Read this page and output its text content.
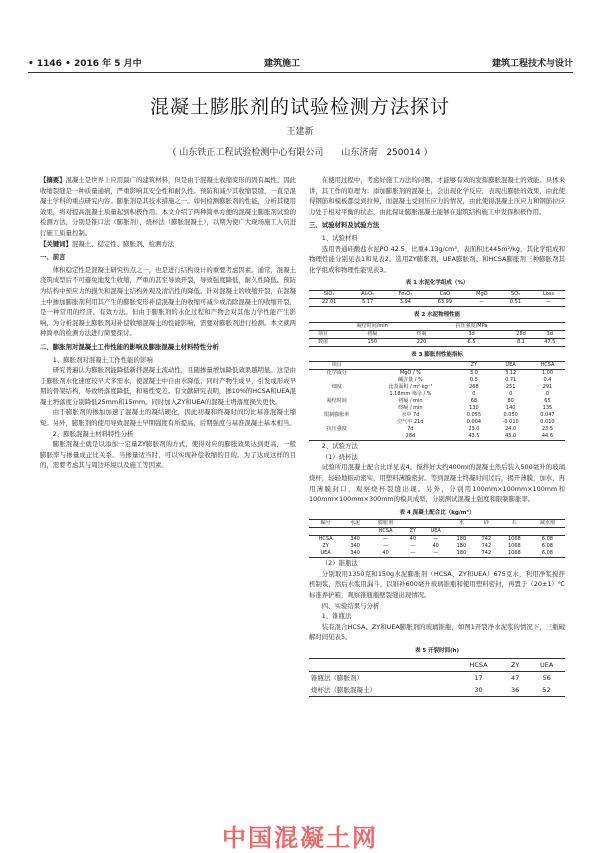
• 1146 • 2016 年 5 月中	建筑施工	建筑工程技术与设计
混凝土膨胀剂的试验检测方法探讨
王建新
（ 山东铁正工程试验检测中心有限公司　　山东济南　250014 ）

【摘要】混凝土是世界上应用最广的建筑材料，但是由于混凝土收缩变形的固有属性，因此收缩裂缝是一种质量通病，严重影响其安全性和耐久性。预防和减少其收缩裂缝，一直是混凝土学科的重点研究内容。膨胀剂是其技术措施之一。如何检测膨胀剂的性能，分析其使用效果，将对提高混凝土质量起到积极作用。本文介绍了两种简单方便的混凝土膨胀剂试验的检测方法，分别是锥口法（膨胀剂）、烧杯法（膨胀混凝土），以期为使广大现场施工人员进行施工质量控制。

【关键词】混凝土、稳定性、膨胀剂、检测方法

一、前言

体积稳定性是混凝土研究热点之一，也是进行结构设计的重要考虑因素。通常，混凝土浇筑成型后不可避免地发生收缩，严重的甚至导致开裂，导致强度降低，耐久性降低。预防为结构中预应力的损失和混凝土结构外观及清洁性的降低。针对混凝土的收缩开裂，在混凝土中掺加膨胀剂利用其产生的膨胀变形补偿混凝土的收缩可减少或消除混凝土的收缩开裂，是一种常用的经济、有效方法。但由于膨胀剂的水化过程和产物会对其他力学性能产生影响，为分析混凝土膨胀剂对补偿收缩混凝土的性能影响，需要对膨胀剂进行检测。本文就两种简单的检测方法进行简要探讨。

二、膨胀剂对混凝土工作性能的影响及膨胀混凝土材料特性分析

1、膨胀剂对混凝土工作性能的影响

研究普遍认为膨胀剂能降低新拌混凝土流动性，且随掺量增加降低效果越明显。这是由于膨胀剂水化速度较早大多需水，使混凝土中自由水降低；同时产物生成早，引发或形成早期的骨架结构，导致坍落度降低，和易性变差。有文献研究表明，掺10%的HCSA和UEA混凝土坍落度分别降低25mm和15mm。同时加入ZY和UEA的混凝土坍落度损失更快。

由于膨胀剂的掺加加速了混凝土的凝结硬化，因此初凝和终凝时间均比基准混凝土缩短。另外，膨胀剂的使用导致混凝土早期强度有所提高，后期强度与基准混凝土基本相当。

2、膨胀混凝土材料特性分析

膨胀混凝土就是以添加一定量ZY膨胀剂的方式，使得对应的膨胀效果达到更高，一般膨胀率与掺量成正比关系。当掺量适当时，可以实现补偿收缩的目的。为了达成这样的目的，需要考虑其与周边环境以及施工等因素。

在使用过程中，考虑好施工方法的问题，才能够有效的发挥膨胀混凝土的效能。具体来讲，其工作的原理为：添加膨胀剂的混凝土，会出现化学反应，表现出膨胀的效果，由此使得钢筋和模板都受到拉伸，而混凝土受到压应力的情况，由此使得混凝土压应力和钢筋拉应力处于相对平衡的状态，由此保证膨胀混凝土能够在建筑结构施工中发挥积极作用。

三、试验材料及试验方法

1、试验材料

选用普通硅酸盐水泥PO 42.5，比重4.13g/cm³，表面积比445m²/kg，其化学组成和物理性能分别见表1和见表2。选用ZY膨胀剂、UEA膨胀剂、和HCSA膨胀剂三种膨胀剂其化学组成和物理性能见表3。

表 1 水泥化学组成（%）
SiO₂	Al₂O₃	Fe₂O₃	CaO	MgO	SO₃	Loss
22.01	5.17	3.94	63.99	—	0.51	—
表 2 水泥物理性能
	凝结时间/min		抗压强度/MPa		
项目	初凝	终凝	3d	28d	3d
数值	150	220	6.5	8.1	47.5
表 3 膨胀剂性能指标
项目		ZY	UEA	HCSA
化学成分	MgO / %	3.0	3.12	1.00
	碱含量 / %	0.5	0.71	0.4
细度	比表面积 / m²·kg⁻¹	268	251	291
	1.18mm 筛余 / %	0	0	0
凝结时间	初凝 / min	68	80	65
	终凝 / min	130	140	135
限制膨胀率	水中 7d	0.055	0.050	0.047
	空气中 21d	0.004	-0.010	0.010
抗压强度	7d	23.0	24.0	23.5
	28d	43.5	45.0	44.6

2、试验方法

（1）烧杯法

试验所用混凝土配合比详见表4。搅拌好大约400ml的混凝土然后装入500毫升的玻璃烧杯，轻轻地振动密实，用塑料薄膜密封。等到混凝土终凝时间过后，揭开薄膜，加水，再用薄膜封口，观察烧杯裂缝出现。另外，分别用100mm×100mm×100mm和100mm×100mm×300mm的模具成型，分别测试混凝土强度和限制膨胀率。

表 4 混凝土配合比（kg/m³）
编号	水泥	膨胀剂			水	砂	石	减水剂
		HCSA	ZY	UEA				
HCSA	340	—	40	—	180	742	1068	6.08
ZY	340	—	—	40	180	742	1068	6.08
UEA	340	40	—	—	180	742	1068	6.08

（2）锥瓶法

分别取用1350克和150g水泥膨胀剂（HCSA、ZY和UEA）675克水，利用净浆搅拌机制浆，然后水浆用漏斗，以锥补600毫升玻璃锥瓶和使用塑料密封，再置于（20±1）℃标准养护箱，观察锥瓶瓶壁裂缝出现情况。

四、实验结果与分析

1、锥瓶法

装有混合HCSA、ZY和UEA膨胀剂的玻璃锥瓶，如图1开裂净水泥浆的情况下，三瓶破解时间见表5。

表 5 开裂时间(h)
	HCSA	ZY	UEA
锥瓶法（膨胀剂）	17	47	56
烧杯法（膨胀混凝土）	30	36	52
中国混凝土网
